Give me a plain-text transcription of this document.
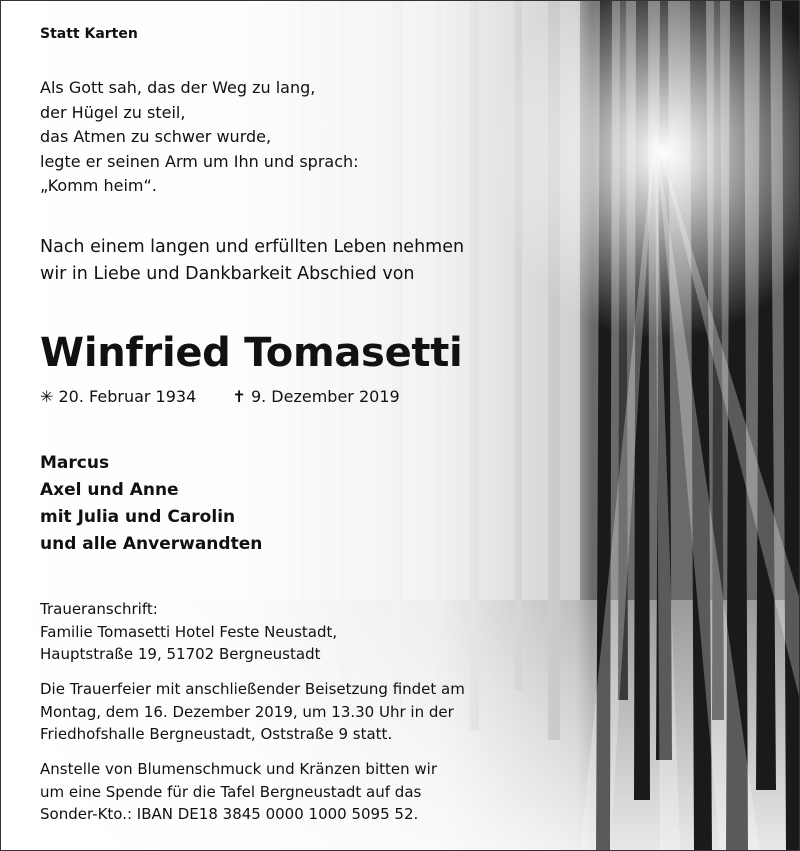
Statt Karten

Als Gott sah, das der Weg zu lang,
der Hügel zu steil,
das Atmen zu schwer wurde,
legte er seinen Arm um Ihn und sprach:
„Komm heim“.
Nach einem langen und erfüllten Leben nehmen
wir in Liebe und Dankbarkeit Abschied von
Winfried Tomasetti
✳ 20. Februar 1934 ✝ 9. Dezember 2019
Marcus
Axel und Anne
mit Julia und Carolin
und alle Anverwandten
Traueranschrift:
Familie Tomasetti Hotel Feste Neustadt,
Hauptstraße 19, 51702 Bergneustadt
Die Trauerfeier mit anschließender Beisetzung findet am
Montag, dem 16. Dezember 2019, um 13.30 Uhr in der
Friedhofshalle Bergneustadt, Oststraße 9 statt.
Anstelle von Blumenschmuck und Kränzen bitten wir
um eine Spende für die Tafel Bergneustadt auf das
Sonder-Kto.: IBAN DE18 3845 0000 1000 5095 52.
